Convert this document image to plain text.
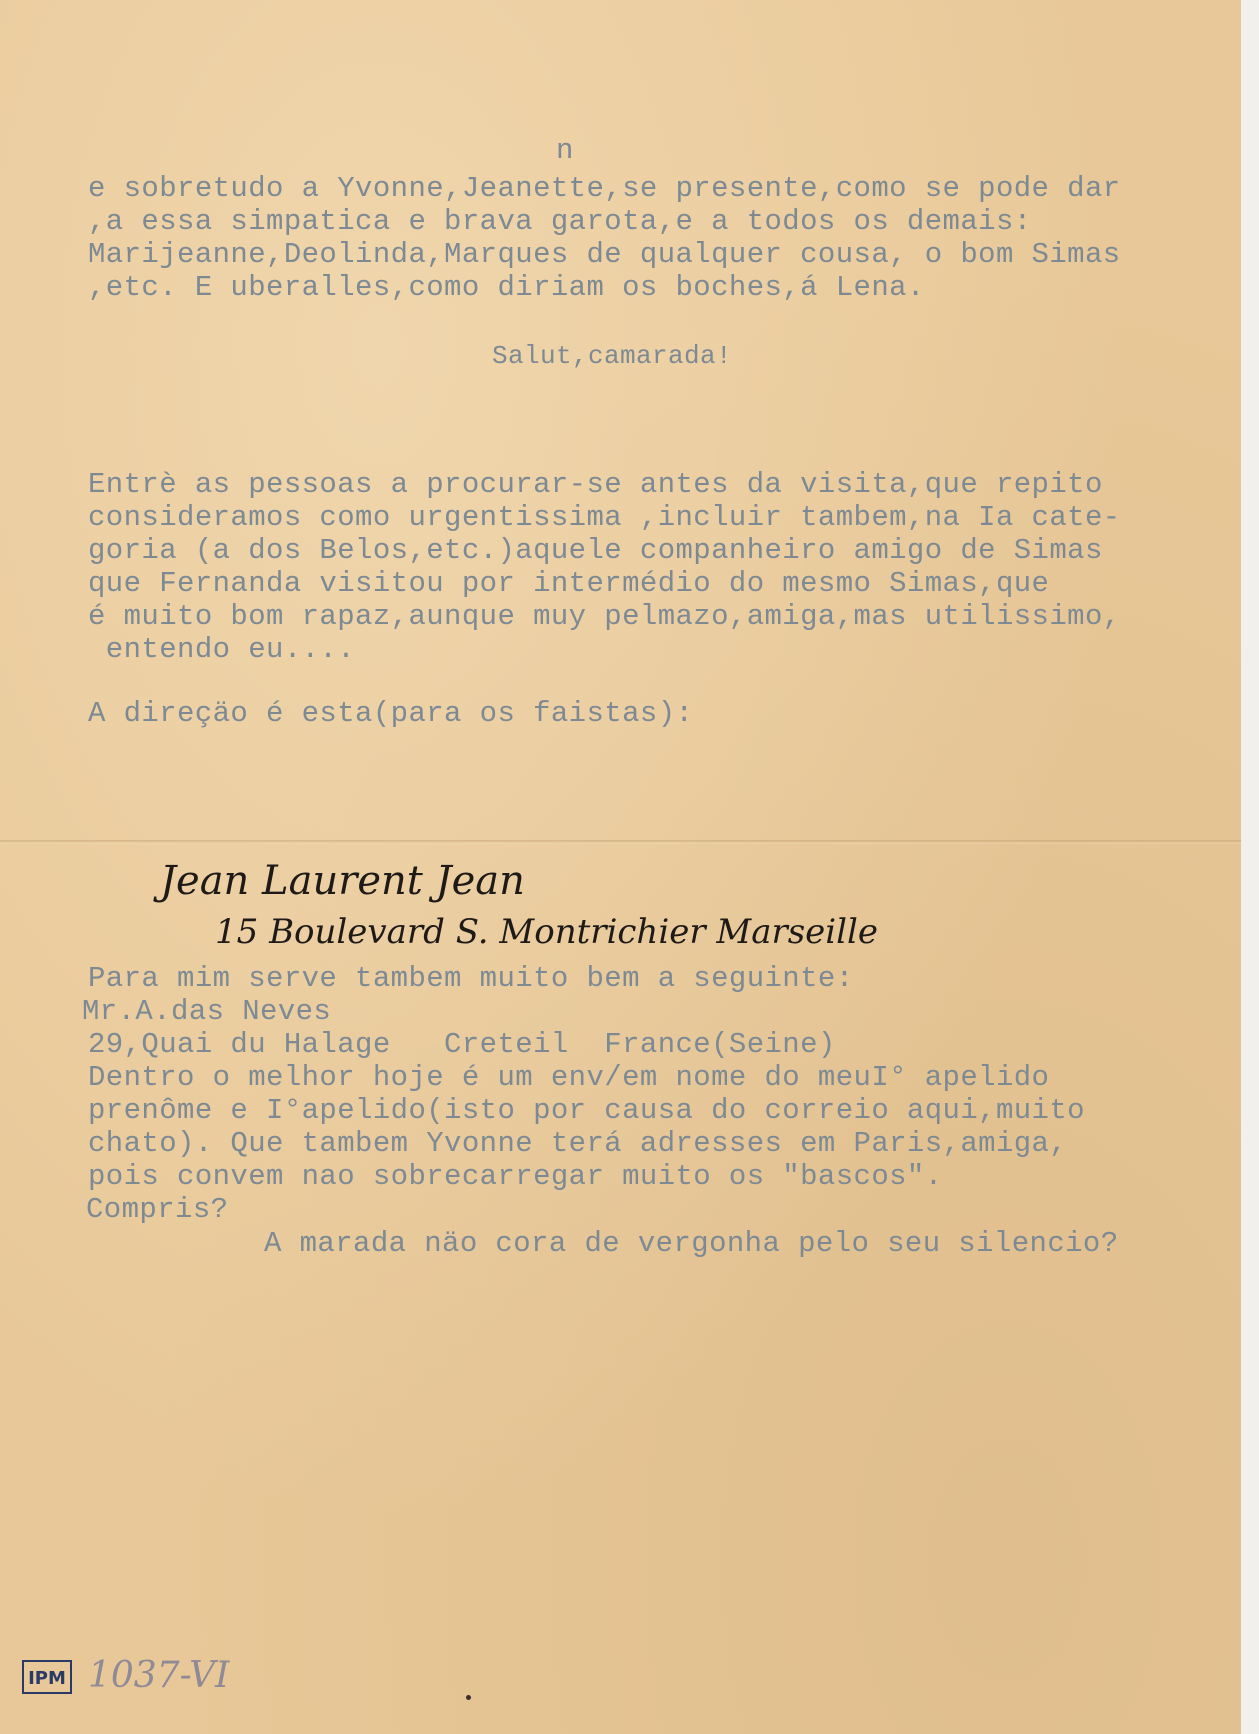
n

e sobretudo a Yvonne,Jeanette,se presente,como se pode dar

,a essa simpatica e brava garota,e a todos os demais:

Marijeanne,Deolinda,Marques de qualquer cousa, o bom Simas

,etc. E uberalles,como diriam os boches,á Lena.

Salut,camarada!

Entrè as pessoas a procurar-se antes da visita,que repito

consideramos como urgentissima ,incluir tambem,na Ia cate-

goria (a dos Belos,etc.)aquele companheiro amigo de Simas

que Fernanda visitou por intermédio do mesmo Simas,que

é muito bom rapaz,aunque muy pelmazo,amiga,mas utilissimo,

entendo eu....

A direçäo é esta(para os faistas):

Jean Laurent Jean

15 Boulevard S. Montrichier Marseille

Para mim serve tambem muito bem a seguinte:

Mr.A.das Neves

29,Quai du Halage   Creteil  France(Seine)

Dentro o melhor hoje é um env/em nome do meuI° apelido

prenôme e I°apelido(isto por causa do correio aqui,muito

chato). Que tambem Yvonne terá adresses em Paris,amiga,

pois convem nao sobrecarregar muito os "bascos".

Compris?

A marada näo cora de vergonha pelo seu silencio?

IPM 1037-VI
